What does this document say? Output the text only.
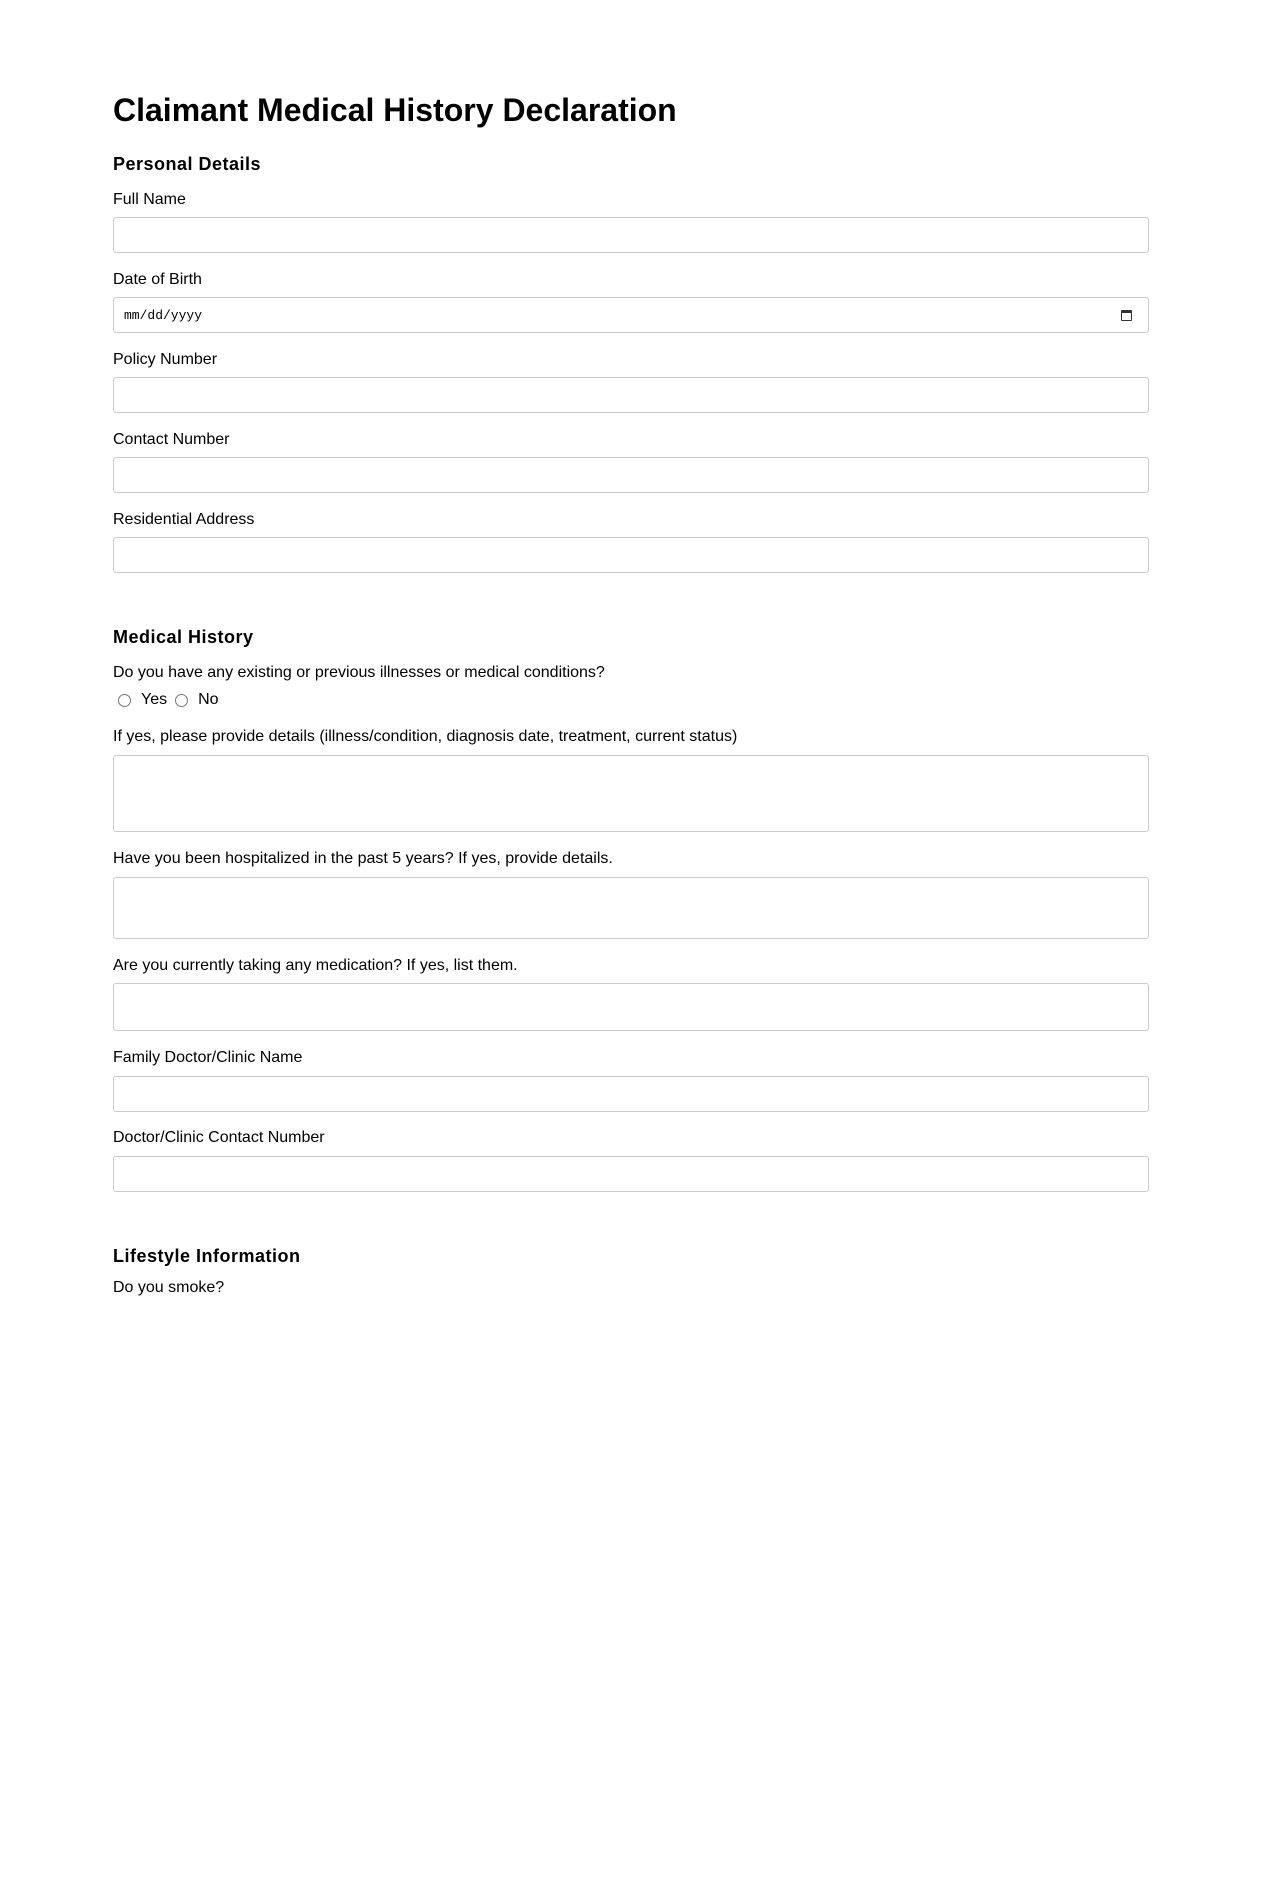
Claimant Medical History Declaration
Personal Details
Full Name
Date of Birth
mm/dd/yyyy
Policy Number
Contact Number
Residential Address
Medical History
Do you have any existing or previous illnesses or medical conditions?
Yes No
If yes, please provide details (illness/condition, diagnosis date, treatment, current status)
Have you been hospitalized in the past 5 years? If yes, provide details.
Are you currently taking any medication? If yes, list them.
Family Doctor/Clinic Name
Doctor/Clinic Contact Number
Lifestyle Information
Do you smoke?
